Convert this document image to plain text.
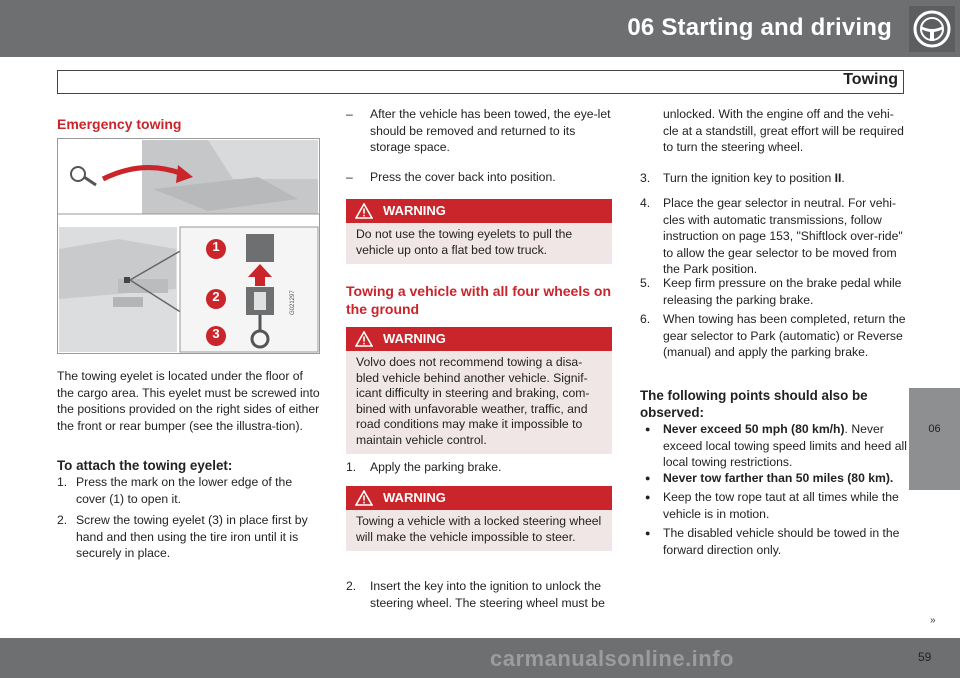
06 Starting and driving
Towing
06
»
Emergency towing
1
2
3
G021297
The towing eyelet is located under the floor of the cargo area. This eyelet must be screwed into the positions provided on the right sides of either the front or rear bumper (see the illustra-tion).
To attach the towing eyelet:
1. Press the mark on the lower edge of the cover (1) to open it.
2. Screw the towing eyelet (3) in place first by hand and then using the tire iron until it is securely in place.
–	After the vehicle has been towed, the eye-let should be removed and returned to its storage space.
–	Press the cover back into position.
WARNING
Do not use the towing eyelets to pull the vehicle up onto a flat bed tow truck.
Towing a vehicle with all four wheels on the ground
WARNING
Volvo does not recommend towing a disa-bled vehicle behind another vehicle. Signif-icant difficulty in steering and braking, com-bined with unfavorable weather, traffic, and road conditions may make it impossible to maintain vehicle control.
1.	Apply the parking brake.
WARNING
Towing a vehicle with a locked steering wheel will make the vehicle impossible to steer.
2.	Insert the key into the ignition to unlock the steering wheel. The steering wheel must be
unlocked. With the engine off and the vehi-cle at a standstill, great effort will be required to turn the steering wheel.
3.	Turn the ignition key to position II.
4.	Place the gear selector in neutral. For vehi-cles with automatic transmissions, follow instruction on page 153, "Shiftlock over-ride" to allow the gear selector to be moved from the Park position.
5.	Keep firm pressure on the brake pedal while releasing the parking brake.
6.	When towing has been completed, return the gear selector to Park (automatic) or Reverse (manual) and apply the parking brake.
The following points should also be observed:
●	Never exceed 50 mph (80 km/h). Never exceed local towing speed limits and heed all local towing restrictions.
●	Never tow farther than 50 miles (80 km).
●	Keep the tow rope taut at all times while the vehicle is in motion.
●	The disabled vehicle should be towed in the forward direction only.
carmanualsonline.info	59
